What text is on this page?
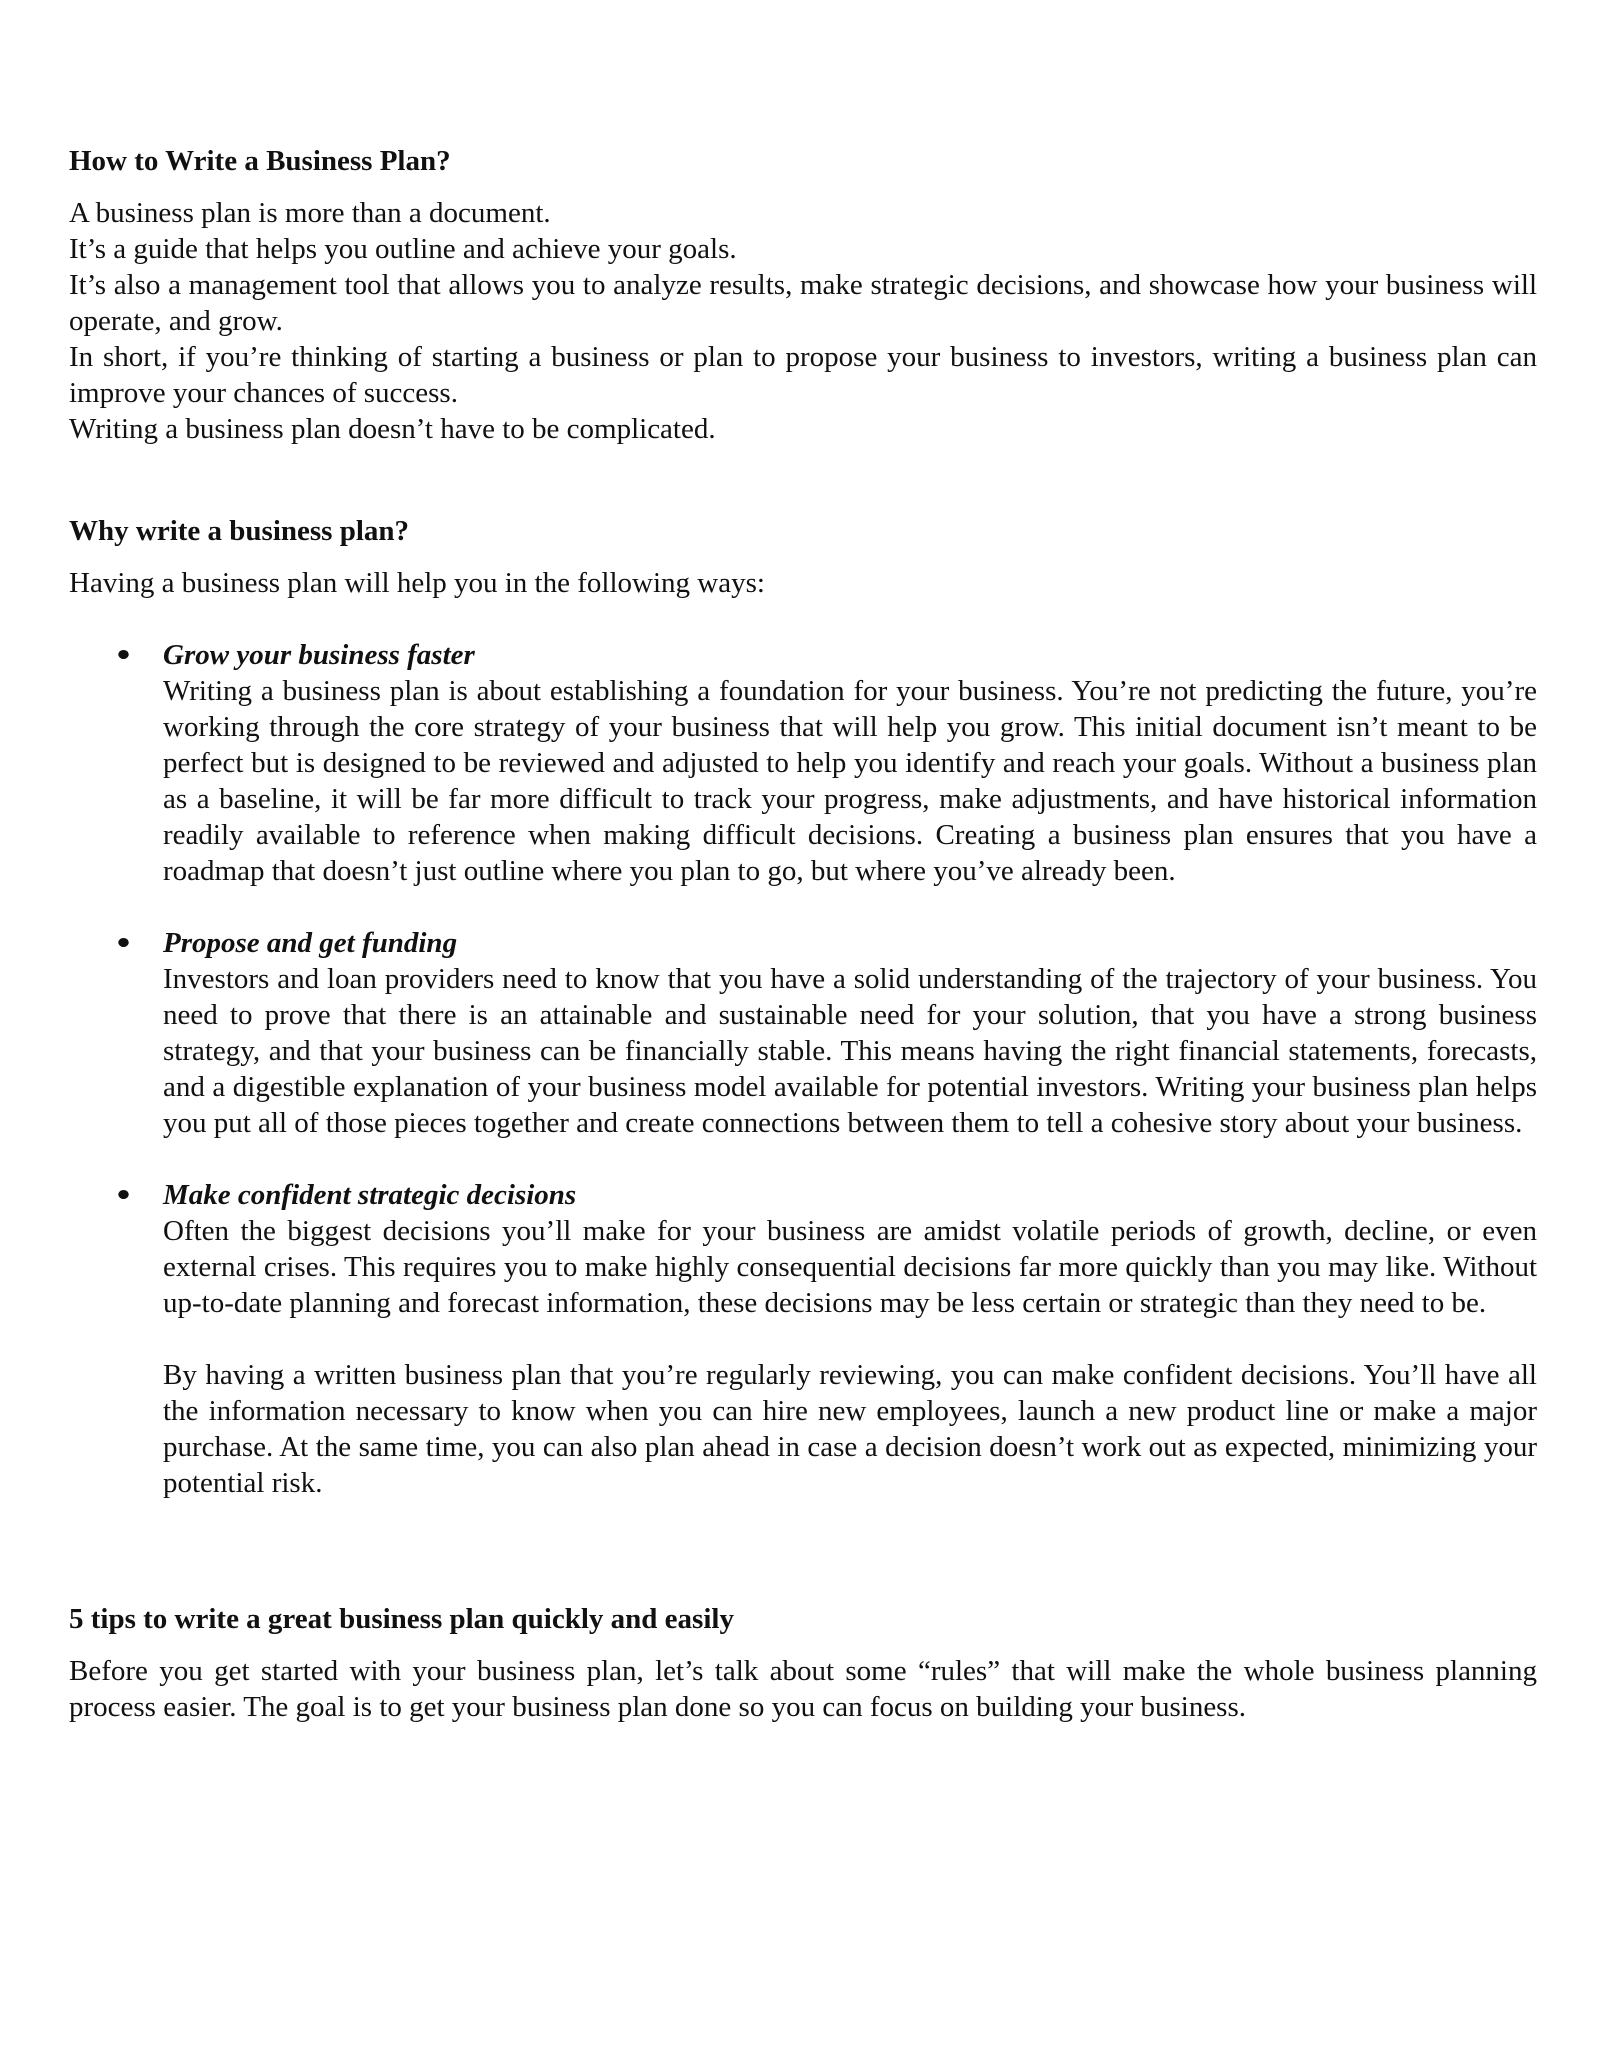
How to Write a Business Plan?

A business plan is more than a document.

It’s a guide that helps you outline and achieve your goals.

It’s also a management tool that allows you to analyze results, make strategic decisions, and showcase how your business will operate, and grow.

In short, if you’re thinking of starting a business or plan to propose your business to investors, writing a business plan can improve your chances of success.

Writing a business plan doesn’t have to be complicated.

Why write a business plan?

Having a business plan will help you in the following ways:

Grow your business faster

Writing a business plan is about establishing a foundation for your business. You’re not predicting the future, you’re working through the core strategy of your business that will help you grow. This initial document isn’t meant to be perfect but is designed to be reviewed and adjusted to help you identify and reach your goals. Without a business plan as a baseline, it will be far more difficult to track your progress, make adjustments, and have historical information readily available to reference when making difficult decisions. Creating a business plan ensures that you have a roadmap that doesn’t just outline where you plan to go, but where you’ve already been.

Propose and get funding

Investors and loan providers need to know that you have a solid understanding of the trajectory of your business. You need to prove that there is an attainable and sustainable need for your solution, that you have a strong business strategy, and that your business can be financially stable. This means having the right financial statements, forecasts, and a digestible explanation of your business model available for potential investors. Writing your business plan helps you put all of those pieces together and create connections between them to tell a cohesive story about your business.

Make confident strategic decisions

Often the biggest decisions you’ll make for your business are amidst volatile periods of growth, decline, or even external crises. This requires you to make highly consequential decisions far more quickly than you may like. Without up-to-date planning and forecast information, these decisions may be less certain or strategic than they need to be.

By having a written business plan that you’re regularly reviewing, you can make confident decisions. You’ll have all the information necessary to know when you can hire new employees, launch a new product line or make a major purchase. At the same time, you can also plan ahead in case a decision doesn’t work out as expected, minimizing your potential risk.

5 tips to write a great business plan quickly and easily

Before you get started with your business plan, let’s talk about some “rules” that will make the whole business planning process easier. The goal is to get your business plan done so you can focus on building your business.
